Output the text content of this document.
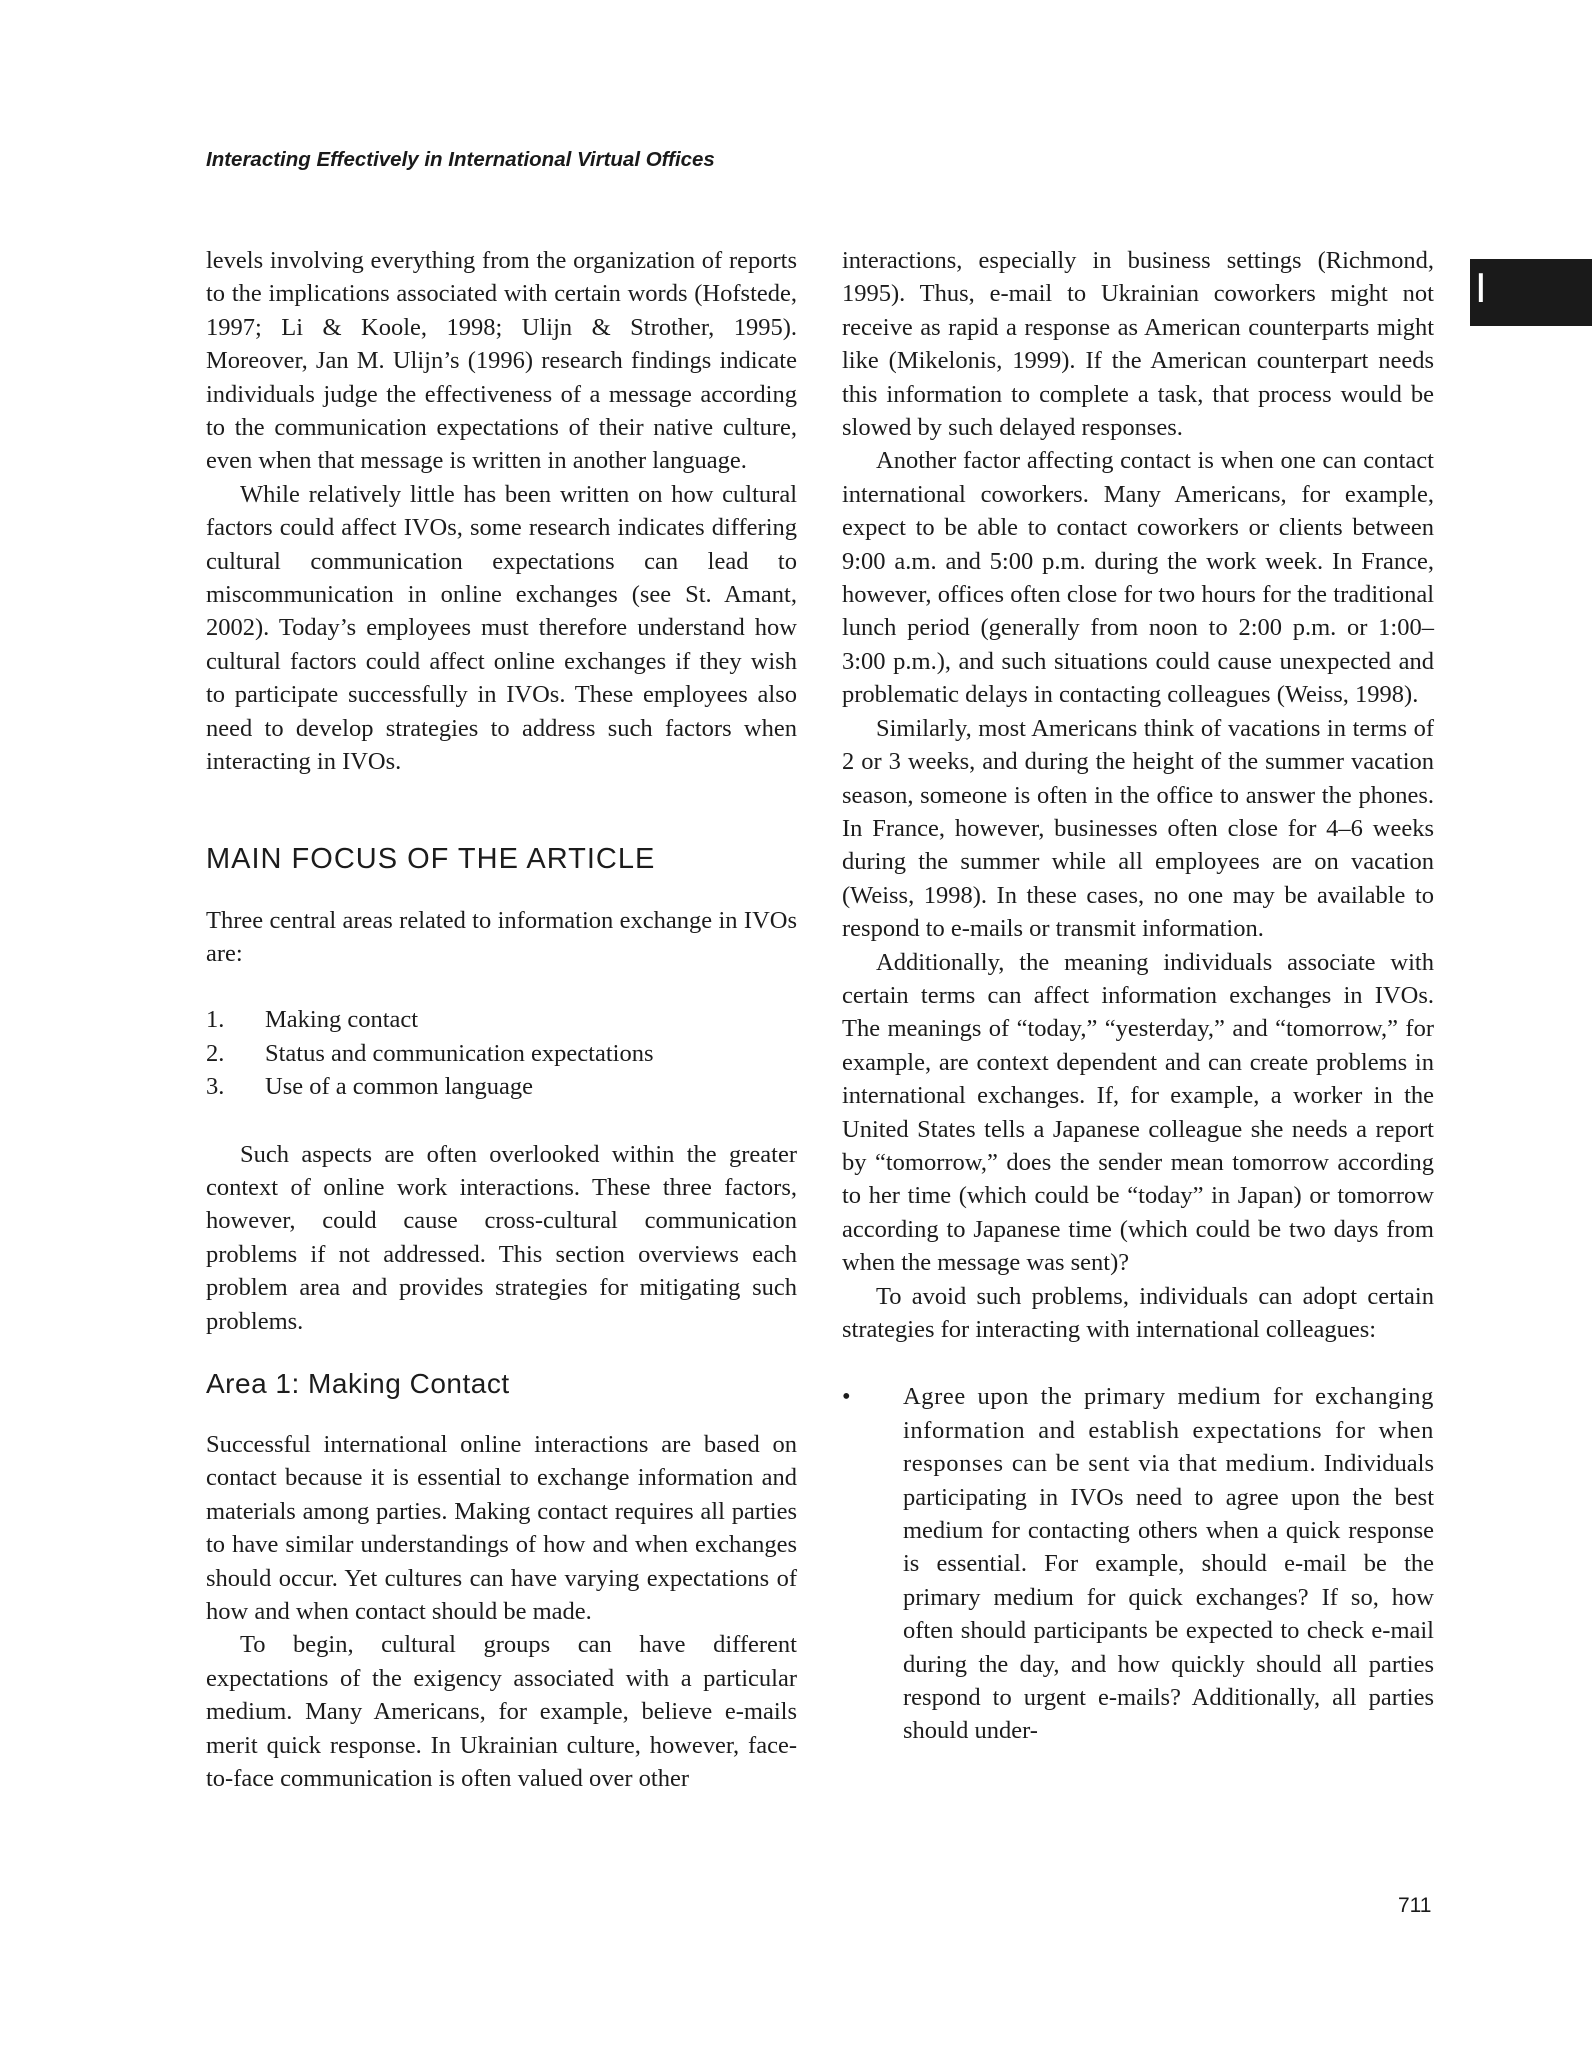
Interacting Effectively in International Virtual Offices
I

levels involving everything from the organization of reports to the implications associated with certain words (Hofstede, 1997; Li & Koole, 1998; Ulijn & Strother, 1995). Moreover, Jan M. Ulijn’s (1996) research findings indicate individuals judge the effectiveness of a message according to the communication expectations of their native culture, even when that message is written in another language.

While relatively little has been written on how cultural factors could affect IVOs, some research indicates differing cultural communication expectations can lead to miscommunication in online exchanges (see St. Amant, 2002). Today’s employees must therefore understand how cultural factors could affect online exchanges if they wish to participate successfully in IVOs. These employees also need to develop strategies to address such factors when interacting in IVOs.

MAIN FOCUS OF THE ARTICLE

Three central areas related to information exchange in IVOs are:

1.	Making contact
2.	Status and communication expectations
3.	Use of a common language

Such aspects are often overlooked within the greater context of online work interactions. These three factors, however, could cause cross-cultural communication problems if not addressed. This section overviews each problem area and provides strategies for mitigating such problems.

Area 1: Making Contact

Successful international online interactions are based on contact because it is essential to exchange information and materials among parties. Making contact requires all parties to have similar understandings of how and when exchanges should occur. Yet cultures can have varying expectations of how and when contact should be made.

To begin, cultural groups can have different expectations of the exigency associated with a particular medium. Many Americans, for example, believe e-mails merit quick response. In Ukrainian culture, however, face-to-face communication is often valued over other

interactions, especially in business settings (Richmond, 1995). Thus, e-mail to Ukrainian coworkers might not receive as rapid a response as American counterparts might like (Mikelonis, 1999). If the American counterpart needs this information to complete a task, that process would be slowed by such delayed responses.

Another factor affecting contact is when one can contact international coworkers. Many Americans, for example, expect to be able to contact coworkers or clients between 9:00 a.m. and 5:00 p.m. during the work week. In France, however, offices often close for two hours for the traditional lunch period (generally from noon to 2:00 p.m. or 1:00–3:00 p.m.), and such situations could cause unexpected and problematic delays in contacting colleagues (Weiss, 1998).

Similarly, most Americans think of vacations in terms of 2 or 3 weeks, and during the height of the summer vacation season, someone is often in the office to answer the phones. In France, however, businesses often close for 4–6 weeks during the summer while all employees are on vacation (Weiss, 1998). In these cases, no one may be available to respond to e-mails or transmit information.

Additionally, the meaning individuals associate with certain terms can affect information exchanges in IVOs. The meanings of “today,” “yesterday,” and “tomorrow,” for example, are context dependent and can create problems in international exchanges. If, for example, a worker in the United States tells a Japanese colleague she needs a report by “tomorrow,” does the sender mean tomorrow according to her time (which could be “today” in Japan) or tomorrow according to Japanese time (which could be two days from when the message was sent)?

To avoid such problems, individuals can adopt certain strategies for interacting with international colleagues:

•	Agree upon the primary medium for exchanging information and establish expectations for when responses can be sent via that medium. Individuals participating in IVOs need to agree upon the best medium for contacting others when a quick response is essential. For example, should e-mail be the primary medium for quick exchanges? If so, how often should participants be expected to check e-mail during the day, and how quickly should all parties respond to urgent e-mails? Additionally, all parties should under-

711
